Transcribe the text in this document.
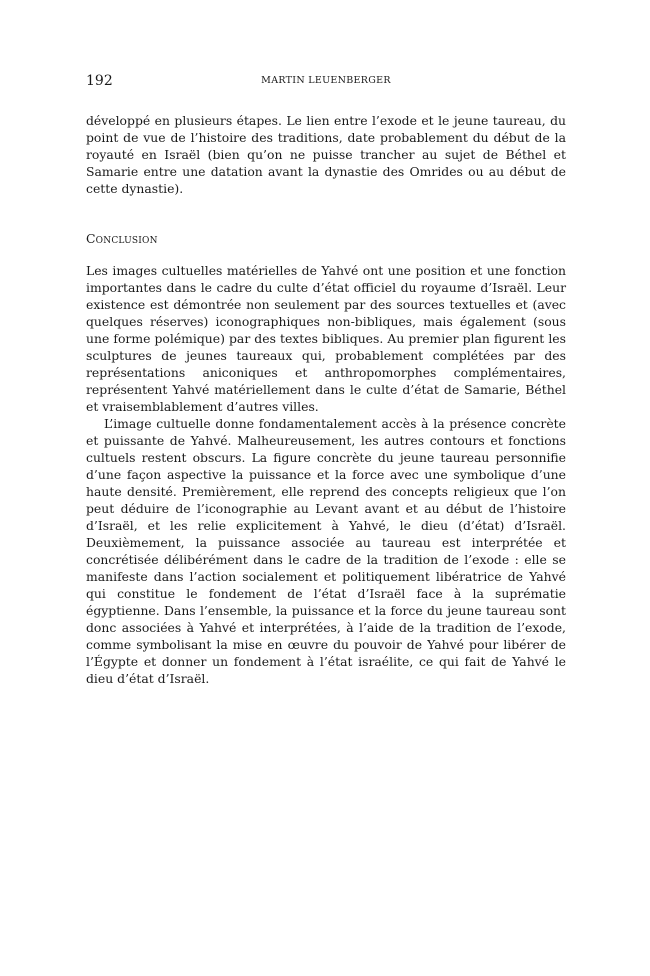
192	MARTIN LEUENBERGER

développé en plusieurs étapes. Le lien entre l’exode et le jeune taureau, du point de vue de l’histoire des traditions, date probablement du début de la royauté en Israël (bien qu’on ne puisse trancher au sujet de Béthel et Samarie entre une datation avant la dynastie des Omrides ou au début de cette dynastie).

Conclusion

Les images cultuelles matérielles de Yahvé ont une position et une fonction importantes dans le cadre du culte d’état officiel du royaume d’Israël. Leur existence est démontrée non seulement par des sources textuelles et (avec quelques réserves) iconographiques non-bibliques, mais également (sous une forme polémique) par des textes bibliques. Au premier plan figurent les sculptures de jeunes taureaux qui, probablement complétées par des représentations aniconiques et anthropomorphes complémentaires, représentent Yahvé matériellement dans le culte d’état de Samarie, Béthel et vraisemblablement d’autres villes.

L’image cultuelle donne fondamentalement accès à la présence concrète et puissante de Yahvé. Malheureusement, les autres contours et fonctions cultuels restent obscurs. La figure concrète du jeune taureau personnifie d’une façon aspective la puissance et la force avec une symbolique d’une haute densité. Premièrement, elle reprend des concepts religieux que l’on peut déduire de l’iconographie au Levant avant et au début de l’histoire d’Israël, et les relie explicitement à Yahvé, le dieu (d’état) d’Israël. Deuxièmement, la puissance associée au taureau est interprétée et concrétisée délibérément dans le cadre de la tradition de l’exode : elle se manifeste dans l’action socialement et politiquement libératrice de Yahvé qui constitue le fondement de l’état d’Israël face à la suprématie égyptienne. Dans l’ensemble, la puissance et la force du jeune taureau sont donc associées à Yahvé et interprétées, à l’aide de la tradition de l’exode, comme symbolisant la mise en œuvre du pouvoir de Yahvé pour libérer de l’Égypte et donner un fondement à l’état israélite, ce qui fait de Yahvé le dieu d’état d’Israël.
